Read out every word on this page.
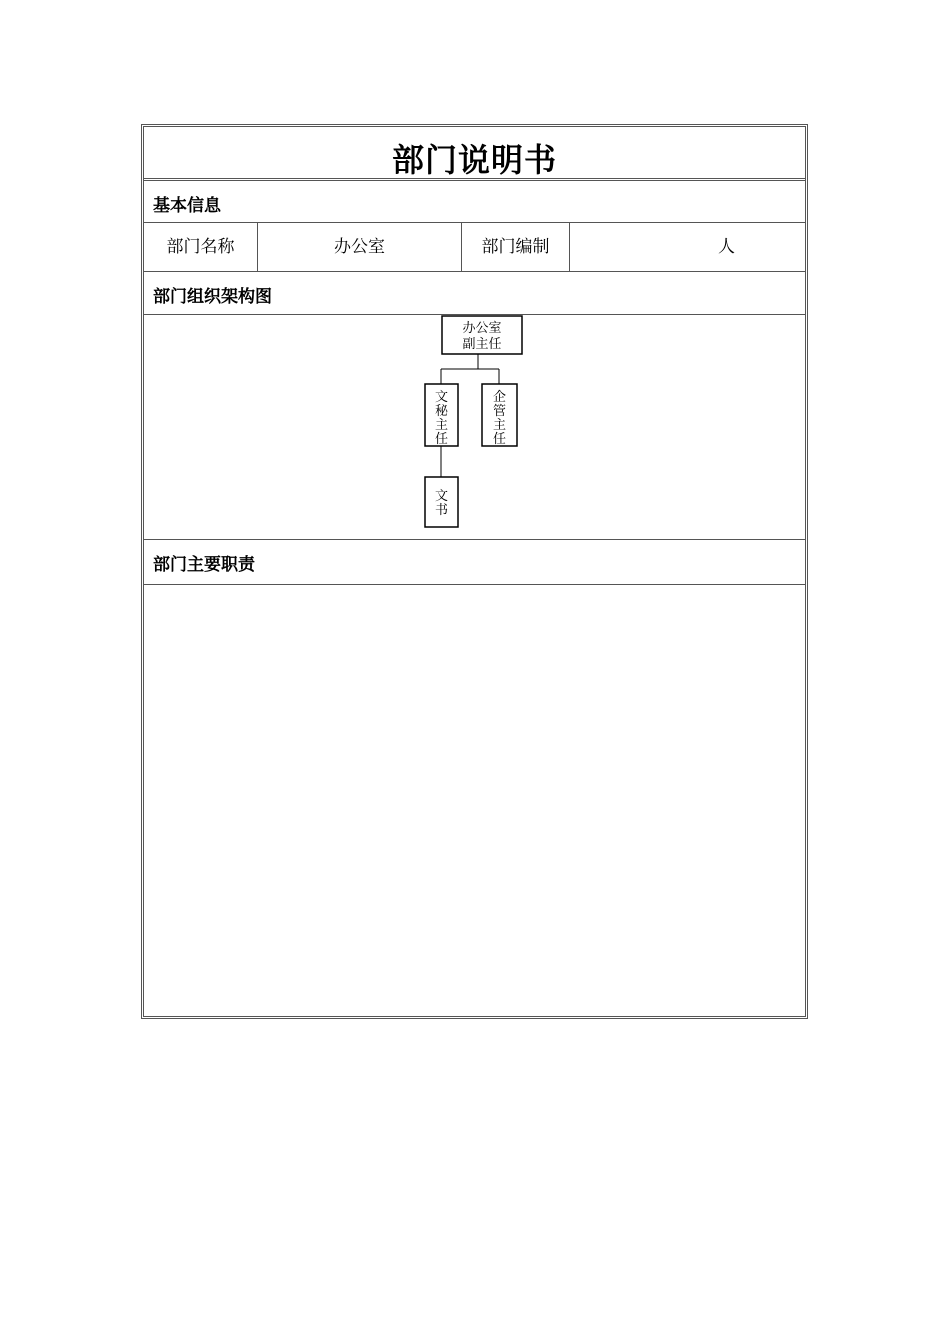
部门说明书
基本信息
部门名称	办公室	部门编制	人
部门组织架构图
办公室
副主任
文
秘
主
任
企
管
主
任
文
书
部门主要职责
